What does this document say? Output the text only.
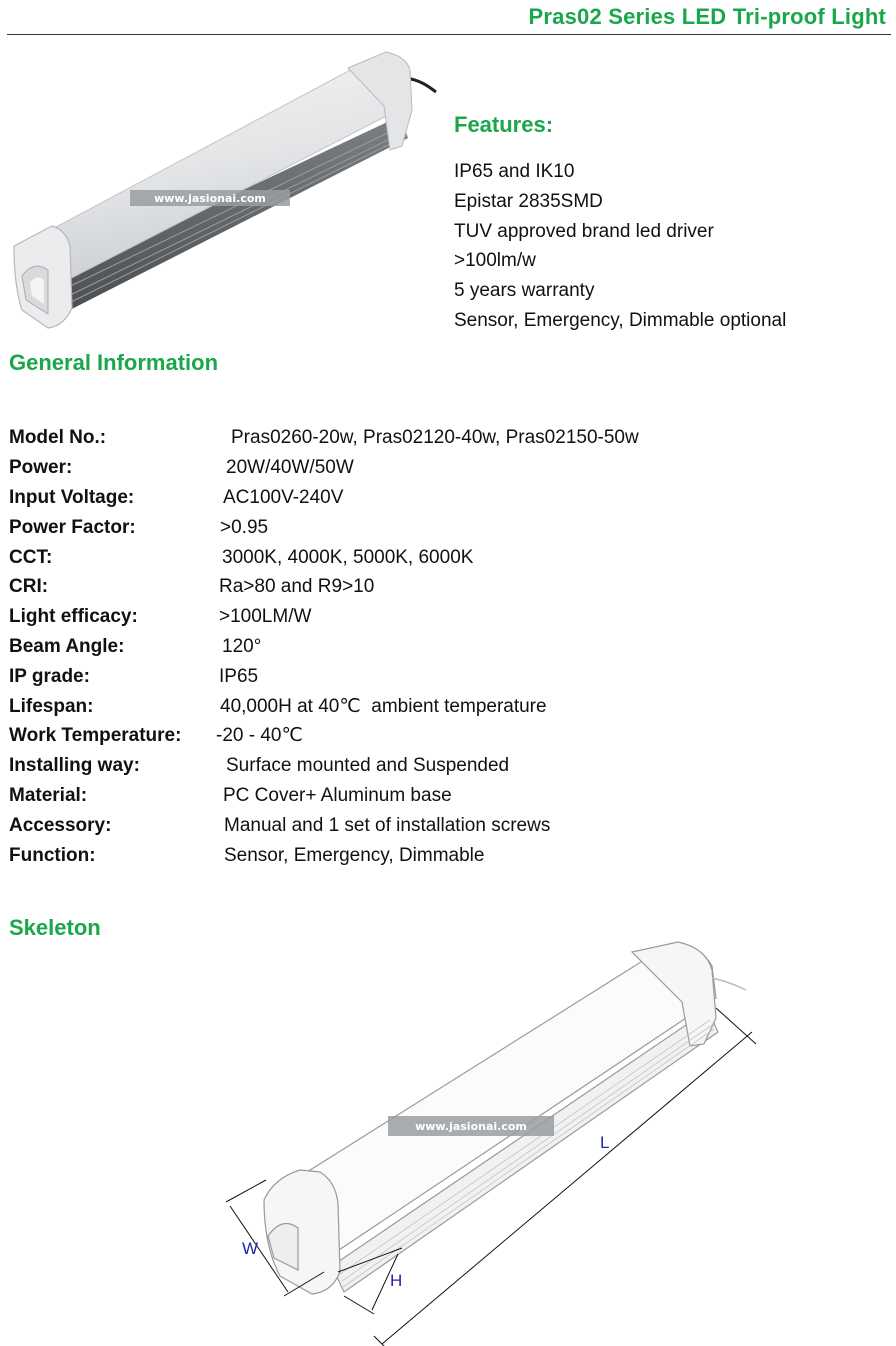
Pras02 Series LED Tri-proof Light
www.jasionai.com
Features:
IP65 and IK10
Epistar 2835SMD
TUV approved brand led driver
>100lm/w
5 years warranty
Sensor, Emergency, Dimmable optional
General Information
Model No.:	Pras0260-20w, Pras02120-40w, Pras02150-50w
Power:	20W/40W/50W
Input Voltage:	AC100V-240V
Power Factor:	>0.95
CCT:	3000K, 4000K, 5000K, 6000K
CRI:	Ra>80 and R9>10
Light efficacy:	>100LM/W
Beam Angle:	120°
IP grade:	IP65
Lifespan:	40,000H at 40℃  ambient temperature
Work Temperature: -20 - 40℃
Installing way:	Surface mounted and Suspended
Material:	PC Cover+ Aluminum base
Accessory:	Manual and 1 set of installation screws
Function:	Sensor, Emergency, Dimmable
Skeleton
www.jasionai.com
L
W
H
